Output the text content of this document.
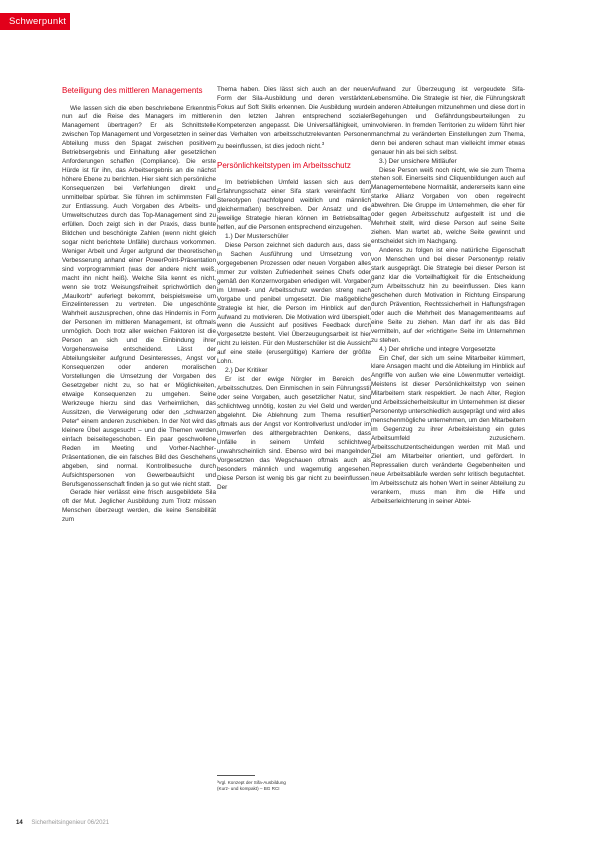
Schwerpunkt
Beteiligung des mittleren Managements

Wie lassen sich die eben beschriebene Erkenntnis nun auf die Reise des Managers im mittleren Management übertragen? Er als Schnittstelle zwischen Top Management und Vorgesetzten in seiner Abteilung muss den Spagat zwischen positivem Betriebsergebnis und Einhaltung aller gesetzlichen Anforderungen schaffen (Compliance). Die erste Hürde ist für ihn, das Arbeitsergebnis an die nächst höhere Ebene zu berichten. Hier sieht sich persönliche Konsequenzen bei Verfehlungen direkt und unmittelbar spürbar. Sie führen im schlimmsten Fall zur Entlassung. Auch Vorgaben des Arbeits- und Umweltschutzes durch das Top-Management sind zu erfüllen. Doch zeigt sich in der Praxis, dass bunte Bildchen und beschönigte Zahlen (wenn nicht gleich sogar nicht berichtete Unfälle) durchaus vorkommen. Weniger Arbeit und Ärger aufgrund der theoretischen Verbesserung anhand einer PowerPoint-Präsentation sind vorprogrammiert (was der andere nicht weiß, macht ihn nicht heiß). Welche Sila kennt es nicht, wenn sie trotz Weisungsfreiheit sprichwörtlich den „Maulkorb“ auferlegt bekommt, beispielsweise um Einzelinteressen zu vertreten. Die ungeschönte Wahrheit auszusprechen, ohne das Hindernis in Form der Personen im mittleren Management, ist oftmals unmöglich. Doch trotz aller weichen Faktoren ist die Person an sich und die Einbindung ihrer Vorgehensweise entscheidend. Lässt der Abteilungsleiter aufgrund Desinteresses, Angst vor Konsequenzen oder anderen moralischen Vorstellungen die Umsetzung der Vorgaben des Gesetzgeber nicht zu, so hat er Möglichkeiten, etwaige Konsequenzen zu umgehen. Seine Werkzeuge hierzu sind das Verheimlichen, das Aussitzen, die Verweigerung oder den „schwarzen Peter“ einem anderen zuschieben. In der Not wird das kleinere Übel ausgesucht – und die Themen werden einfach beiseitegeschoben. Ein paar geschwollene Reden im Meeting und Vorher-Nachher-Präsentationen, die ein falsches Bild des Geschehens abgeben, sind normal. Kontrollbesuche durch Aufsichtspersonen von Gewerbeaufsicht und Berufsgenossenschaft finden ja so gut wie nicht statt.

Gerade hier verlässt eine frisch ausgebildete Sila oft der Mut. Jeglicher Ausbildung zum Trotz müssen Menschen überzeugt werden, die keine Sensibilität zum

Thema haben. Dies lässt sich auch an der neuen Form der Sila-Ausbildung und deren verstärkten Fokus auf Soft Skills erkennen. Die Ausbildung wurde in den letzten Jahren entsprechend sozialer Kompetenzen angepasst. Die Universalfähigkeit, um das Verhalten von arbeitsschutzrelevanten Personen zu beeinflussen, ist dies jedoch nicht.$^3$

Persönlichkeitstypen im Arbeitsschutz

Im betrieblichen Umfeld lassen sich aus dem Erfahrungsschatz einer Sifa stark vereinfacht fünf Stereotypen (nachfolgend weiblich und männlich gleichermaßen) beschreiben. Der Ansatz und die jeweilige Strategie hieran können im Betriebsalltag helfen, auf die Personen entsprechend einzugehen.

1.) Der Musterschüler

Diese Person zeichnet sich dadurch aus, dass sie in Sachen Ausführung und Umsetzung von vorgegebenen Prozessen oder neuen Vorgaben alles immer zur vollsten Zufriedenheit seines Chefs oder gemäß den Konzernvorgaben erledigen will. Vorgaben im Umwelt- und Arbeitsschutz werden streng nach Vorgabe und penibel umgesetzt. Die maßgebliche Strategie ist hier, die Person im Hinblick auf den Aufwand zu motivieren. Die Motivation wird überspielt, wenn die Aussicht auf positives Feedback durch Vorgesetzte besteht. Viel Überzeugungsarbeit ist hier nicht zu leisten. Für den Musterschüler ist die Aussicht auf eine steile (erusergültige) Karriere der größte Lohn.

2.) Der Kritiker

Er ist der ewige Nörgler im Bereich des Arbeitsschutzes. Den Einmischen in sein Führungsstil oder seine Vorgaben, auch gesetzlicher Natur, sind schlichtweg unnötig, kosten zu viel Geld und werden abgelehnt. Die Ablehnung zum Thema resultiert oftmals aus der Angst vor Kontrollverlust und/oder im Umwerfen des althergebrachten Denkens, dass Unfälle in seinem Umfeld schlichtweg unwahrscheinlich sind. Ebenso wird bei mangelnden Vorgesetzten das Wegschauen oftmals auch als besonders männlich und wagemutig angesehen. Diese Person ist wenig bis gar nicht zu beeinflussen. Der

³Vgl. Konzept der Sifa-Ausbildung
(Kurz- und kompakt) – BG RCI

Aufwand zur Überzeugung ist vergeudete Sifa-Lebensmühe. Die Strategie ist hier, die Führungskraft in anderen Abteilungen mitzunehmen und diese dort in Begehungen und Gefährdungsbeurteilungen zu involvieren. In fremden Territorien zu wildern führt hier manchmal zu veränderten Einstellungen zum Thema, denn bei anderen schaut man vielleicht immer etwas genauer hin als bei sich selbst.

3.) Der unsichere Mitläufer

Diese Person weiß noch nicht, wie sie zum Thema stehen soll. Einerseits sind Cliquenbildungen auch auf Managementebene Normalität, andererseits kann eine starke Allianz Vorgaben von oben regelrecht abwehren. Die Gruppe im Unternehmen, die eher für oder gegen Arbeitsschutz aufgestellt ist und die Mehrheit stellt, wird diese Person auf seine Seite ziehen. Man wartet ab, welche Seite gewinnt und entscheidet sich im Nachgang.

Anderes zu folgen ist eine natürliche Eigenschaft von Menschen und bei dieser Personentyp relativ stark ausgeprägt. Die Strategie bei dieser Person ist ganz klar die Vorteilhaftigkeit für die Entscheidung zum Arbeitsschutz hin zu beeinflussen. Dies kann geschehen durch Motivation in Richtung Einsparung durch Prävention, Rechtssicherheit in Haftungsfragen oder auch die Mehrheit des Managementteams auf eine Seite zu ziehen. Man darf ihr als das Bild vermitteln, auf der »richtigen« Seite im Unternehmen zu stehen.

4.) Der ehrliche und integre Vorgesetzte

Ein Chef, der sich um seine Mitarbeiter kümmert, klare Ansagen macht und die Abteilung im Hinblick auf Angriffe von außen wie eine Löwenmutter verteidigt. Meistens ist dieser Persönlichkeitstyp von seinen Mitarbeitern stark respektiert. Je nach Alter, Region und Arbeitssicherheitskultur im Unternehmen ist dieser Personentyp unterschiedlich ausgeprägt und wird alles menschenmögliche unternehmen, um den Mitarbeitern im Gegenzug zu ihrer Arbeitsleistung ein gutes Arbeitsumfeld zuzusichern. Arbeitsschutzentscheidungen werden mit Maß und Ziel am Mitarbeiter orientiert, und gefördert. In Repressalien durch veränderte Gegebenheiten und neue Arbeitsabläufe werden sehr kritisch begutachtet. Im Arbeitsschutz als hohen Wert in seiner Abteilung zu verankern, muss man ihm die Hilfe und Arbeitserleichterung in seiner Abtei-

14 Sicherheitsingenieur 06/2021
